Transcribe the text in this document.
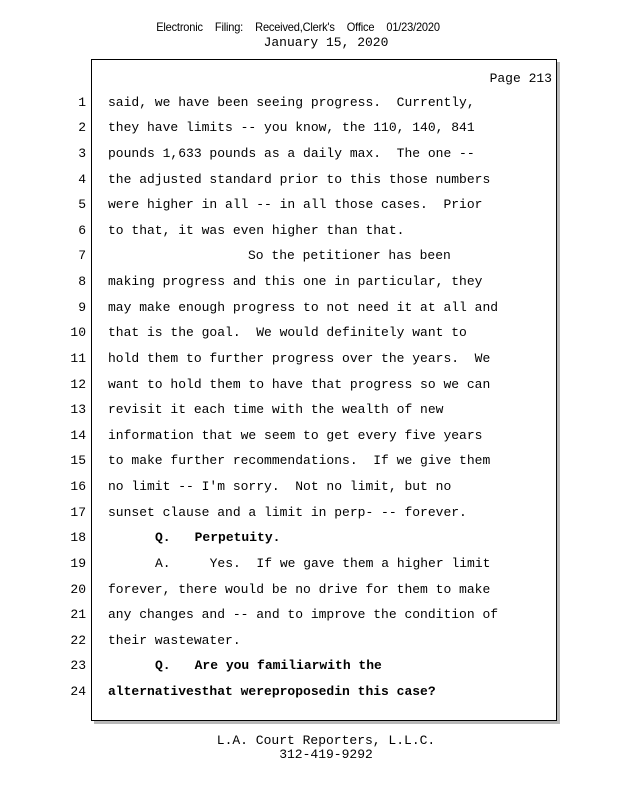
Electronic Filing: Received,Clerk's Office 01/23/2020
January 15, 2020
Page 213
1
2
3
4
5
6
7
8
9
10
11
12
13
14
15
16
17
18
19
20
21
22
23
24
said, we have been seeing progress.  Currently,
they have limits -- you know, the 110, 140, 841
pounds 1,633 pounds as a daily max.  The one --
the adjusted standard prior to this those numbers
were higher in all -- in all those cases.  Prior
to that, it was even higher than that.
So the petitioner has been
making progress and this one in particular, they
may make enough progress to not need it at all and
that is the goal.  We would definitely want to
hold them to further progress over the years.  We
want to hold them to have that progress so we can
revisit it each time with the wealth of new
information that we seem to get every five years
to make further recommendations.  If we give them
no limit -- I'm sorry.  Not no limit, but no
sunset clause and a limit in perp- -- forever.
Q. Perpetuity.
A.     Yes.  If we gave them a higher limit
forever, there would be no drive for them to make
any changes and -- and to improve the condition of
their wastewater.
Q. Are you familiarwith the
alternativesthat wereproposedin this case?
L.A. Court Reporters, L.L.C.
312-419-9292
